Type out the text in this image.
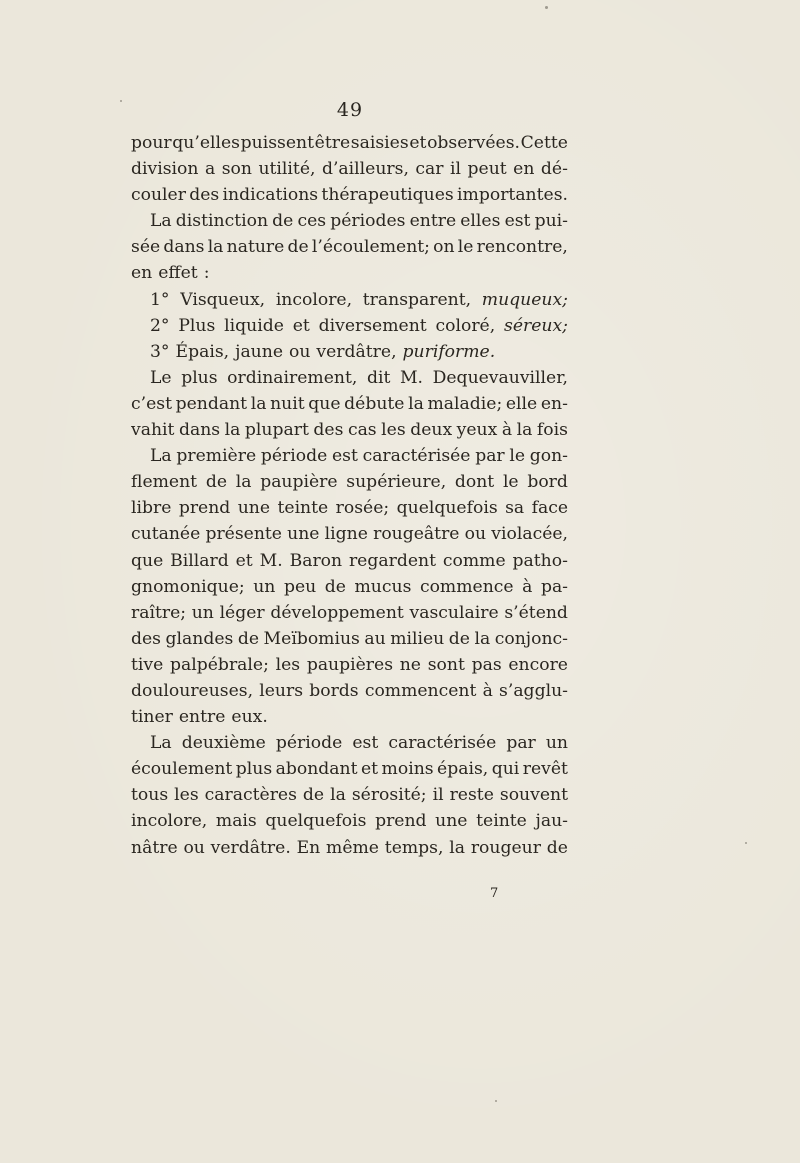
49
pour qu’elles puissent être saisies et observées. Cette
division a son utilité, d’ailleurs, car il peut en dé-
couler des indications thérapeutiques importantes.
La distinction de ces périodes entre elles est pui-
sée dans la nature de l’écoulement; on le rencontre,
en effet :
1° Visqueux, incolore, transparent, muqueux;
2° Plus liquide et diversement coloré, séreux;
3° Épais, jaune ou verdâtre, puriforme.
Le plus ordinairement, dit M. Dequevauviller,
c’est pendant la nuit que débute la maladie; elle en-
vahit dans la plupart des cas les deux yeux à la fois
La première période est caractérisée par le gon-
flement de la paupière supérieure, dont le bord
libre prend une teinte rosée; quelquefois sa face
cutanée présente une ligne rougeâtre ou violacée,
que Billard et M. Baron regardent comme patho-
gnomonique; un peu de mucus commence à pa-
raître; un léger développement vasculaire s’étend
des glandes de Meïbomius au milieu de la conjonc-
tive palpébrale; les paupières ne sont pas encore
douloureuses, leurs bords commencent à s’agglu-
tiner entre eux.
La deuxième période est caractérisée par un
écoulement plus abondant et moins épais, qui revêt
tous les caractères de la sérosité; il reste souvent
incolore, mais quelquefois prend une teinte jau-
nâtre ou verdâtre. En même temps, la rougeur de
7
